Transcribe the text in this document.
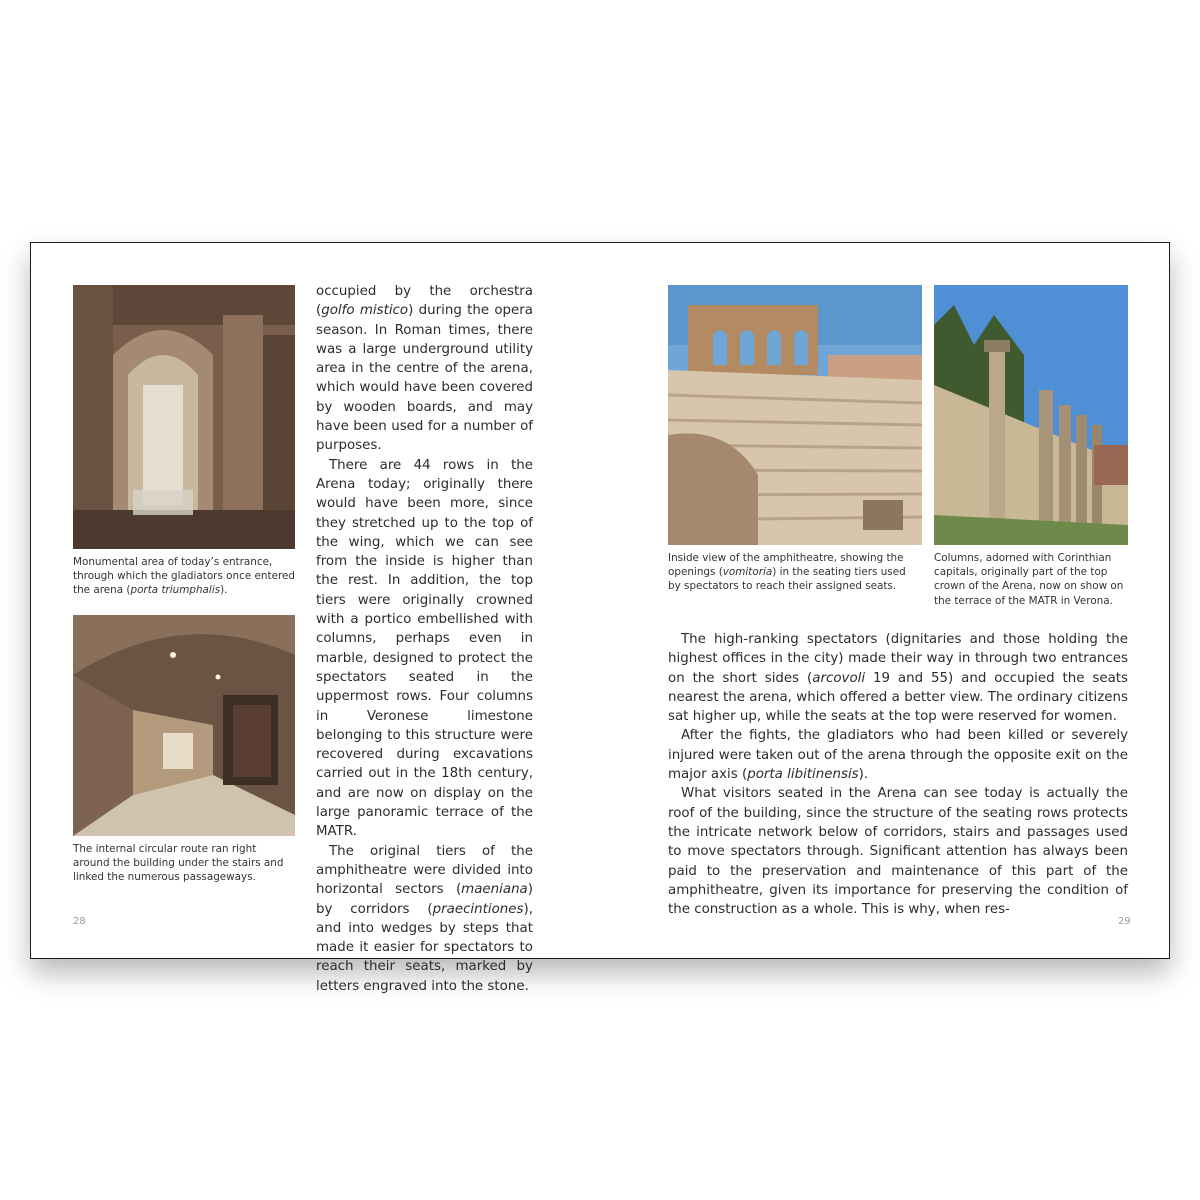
Monumental area of today’s entrance, through which the gladiators once entered the arena (porta triumphalis).
The internal circular route ran right around the building under the stairs and linked the numerous passageways.

occupied by the orchestra (golfo mistico) during the opera season. In Roman times, there was a large underground utility area in the centre of the arena, which would have been covered by wooden boards, and may have been used for a number of purposes.

There are 44 rows in the Arena today; originally there would have been more, since they stretched up to the top of the wing, which we can see from the inside is higher than the rest. In addition, the top tiers were originally crowned with a portico embellished with columns, perhaps even in marble, designed to protect the spectators seated in the uppermost rows. Four columns in Veronese limestone belonging to this structure were recovered during excavations carried out in the 18th century, and are now on display on the large panoramic terrace of the MATR.

The original tiers of the amphitheatre were divided into horizontal sectors (maeniana) by corridors (praecintiones), and into wedges by steps that made it easier for spectators to reach their seats, marked by letters engraved into the stone.

28
Inside view of the amphitheatre, showing the openings (vomitoria) in the seating tiers used by spectators to reach their assigned seats.
Columns, adorned with Corinthian capitals, originally part of the top crown of the Arena, now on show on the terrace of the MATR in Verona.

The high-ranking spectators (dignitaries and those holding the highest offices in the city) made their way in through two entrances on the short sides (arcovoli 19 and 55) and occupied the seats nearest the arena, which offered a better view. The ordinary citizens sat higher up, while the seats at the top were reserved for women.

After the fights, the gladiators who had been killed or severely injured were taken out of the arena through the opposite exit on the major axis (porta libitinensis).

What visitors seated in the Arena can see today is actually the roof of the building, since the structure of the seating rows protects the intricate network below of corridors, stairs and passages used to move spectators through. Significant attention has always been paid to the preservation and maintenance of this part of the amphitheatre, given its importance for preserving the condition of the construction as a whole. This is why, when res-

29
